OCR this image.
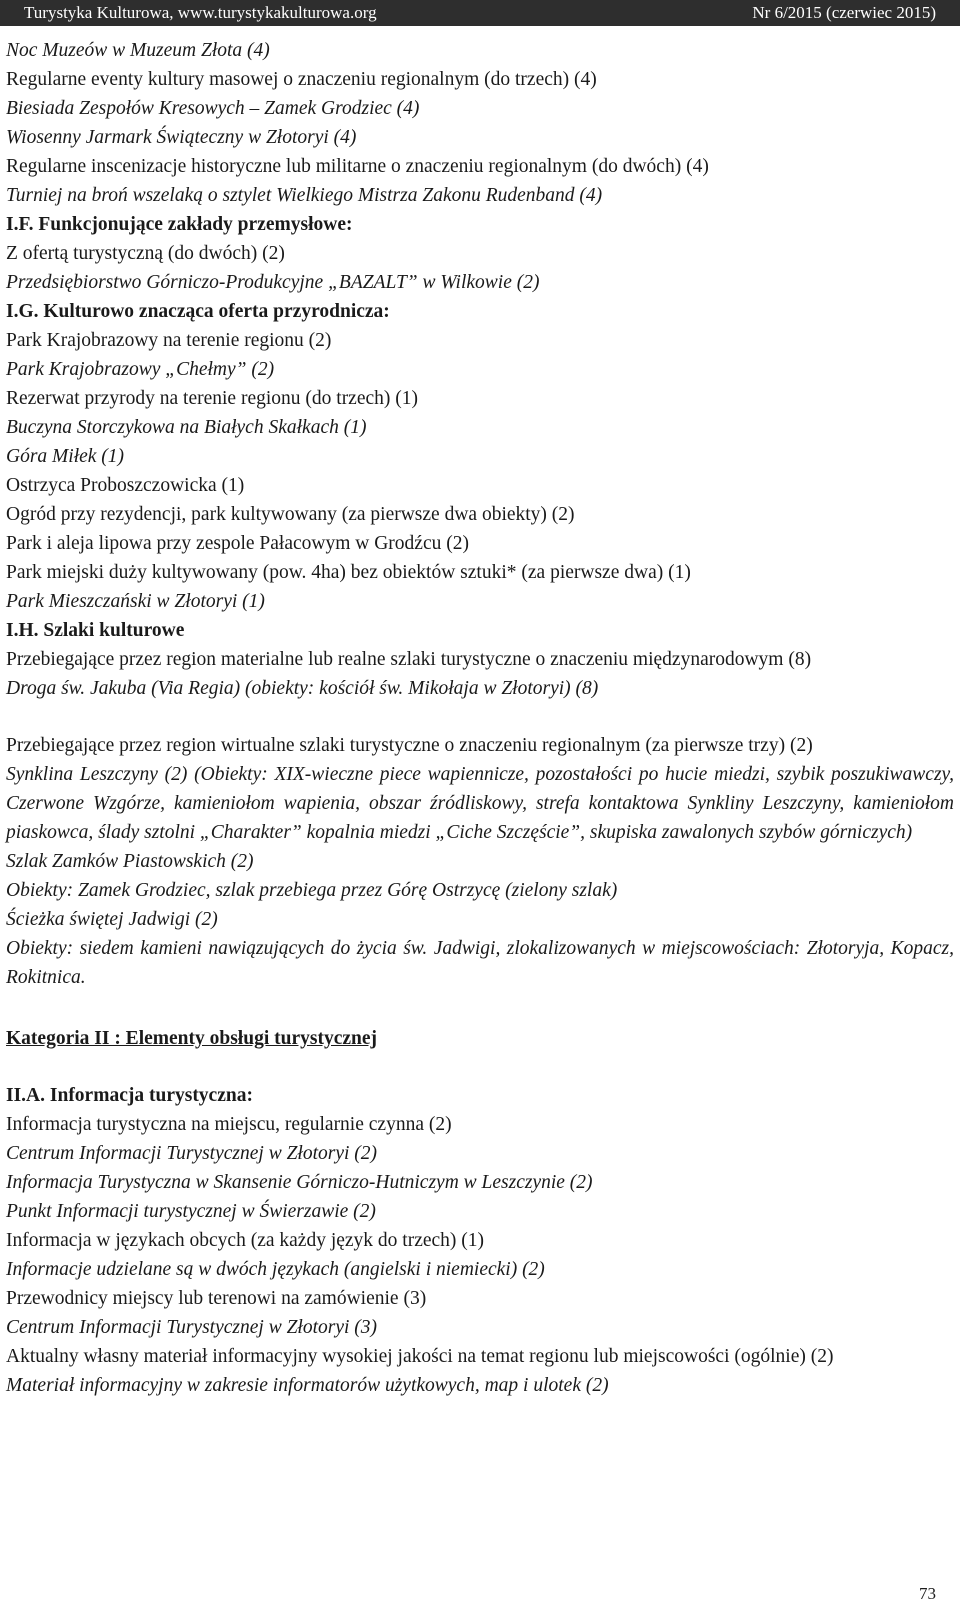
Turystyka Kulturowa, www.turystykakulturowa.org	Nr 6/2015 (czerwiec 2015)
Noc Muzeów w Muzeum Złota (4)
Regularne eventy kultury masowej o znaczeniu regionalnym (do trzech) (4)
Biesiada Zespołów Kresowych – Zamek Grodziec (4)
Wiosenny Jarmark Świąteczny w Złotoryi (4)
Regularne inscenizacje historyczne lub militarne o znaczeniu regionalnym (do dwóch) (4)
Turniej na broń wszelaką o sztylet Wielkiego Mistrza Zakonu Rudenband (4)
I.F. Funkcjonujące zakłady przemysłowe:
Z ofertą turystyczną (do dwóch) (2)
Przedsiębiorstwo Górniczo-Produkcyjne „BAZALT” w Wilkowie (2)
I.G. Kulturowo znacząca oferta przyrodnicza:
Park Krajobrazowy na terenie regionu (2)
Park Krajobrazowy „Chełmy” (2)
Rezerwat przyrody na terenie regionu (do trzech) (1)
Buczyna Storczykowa na Białych Skałkach (1)
Góra Miłek (1)
Ostrzyca Proboszczowicka (1)
Ogród przy rezydencji, park kultywowany (za pierwsze dwa obiekty) (2)
Park i aleja lipowa przy zespole Pałacowym w Grodźcu (2)
Park miejski duży kultywowany (pow. 4ha) bez obiektów sztuki* (za pierwsze dwa) (1)
Park Mieszczański w Złotoryi (1)
I.H. Szlaki kulturowe
Przebiegające przez region materialne lub realne szlaki turystyczne o znaczeniu międzynarodowym (8)
Droga św. Jakuba (Via Regia) (obiekty: kościół św. Mikołaja w Złotoryi) (8)
Przebiegające przez region wirtualne szlaki turystyczne o znaczeniu regionalnym (za pierwsze trzy) (2)
Synklina Leszczyny (2) (Obiekty: XIX-wieczne piece wapiennicze, pozostałości po hucie miedzi, szybik poszukiwawczy, Czerwone Wzgórze, kamieniołom wapienia, obszar źródliskowy, strefa kontaktowa Synkliny Leszczyny, kamieniołom piaskowca, ślady sztolni „Charakter” kopalnia miedzi „Ciche Szczęście”, skupiska zawalonych szybów górniczych)
Szlak Zamków Piastowskich (2)
Obiekty: Zamek Grodziec, szlak przebiega przez Górę Ostrzycę (zielony szlak)
Ścieżka świętej Jadwigi (2)
Obiekty: siedem kamieni nawiązujących do życia św. Jadwigi, zlokalizowanych w miejscowościach: Złotoryja, Kopacz, Rokitnica.
Kategoria II : Elementy obsługi turystycznej
II.A. Informacja turystyczna:
Informacja turystyczna na miejscu, regularnie czynna (2)
Centrum Informacji Turystycznej w Złotoryi (2)
Informacja Turystyczna w Skansenie Górniczo-Hutniczym w Leszczynie (2)
Punkt Informacji turystycznej w Świerzawie (2)
Informacja w językach obcych (za każdy język do trzech) (1)
Informacje udzielane są w dwóch językach (angielski i niemiecki) (2)
Przewodnicy miejscy lub terenowi na zamówienie (3)
Centrum Informacji Turystycznej w Złotoryi (3)
Aktualny własny materiał informacyjny wysokiej jakości na temat regionu lub miejscowości (ogólnie) (2)
Materiał informacyjny w zakresie informatorów użytkowych, map i ulotek (2)
73
